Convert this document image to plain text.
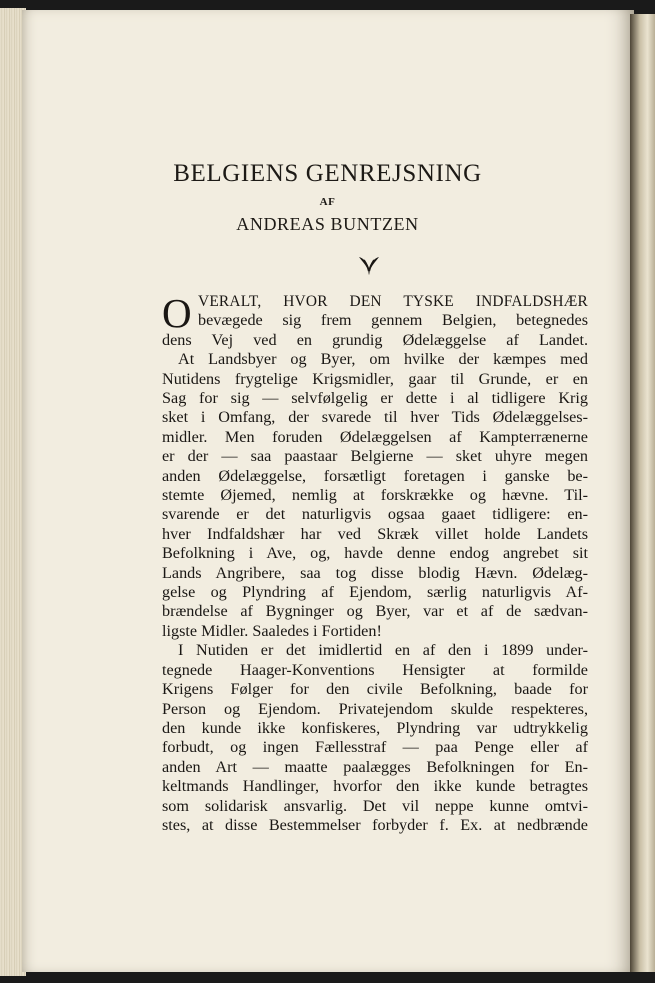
BELGIENS GENREJSNING
AF
ANDREAS BUNTZEN
O VERALT, HVOR DEN TYSKE INDFALDSHÆR
bevægede sig frem gennem Belgien, betegnedes
dens Vej ved en grundig Ødelæggelse af Landet.
At Landsbyer og Byer, om hvilke der kæmpes med
Nutidens frygtelige Krigsmidler, gaar til Grunde, er en
Sag for sig — selvfølgelig er dette i al tidligere Krig
sket i Omfang, der svarede til hver Tids Ødelæggelses-
midler. Men foruden Ødelæggelsen af Kampterrænerne
er der — saa paastaar Belgierne — sket uhyre megen
anden Ødelæggelse, forsætligt foretagen i ganske be-
stemte Øjemed, nemlig at forskrække og hævne. Til-
svarende er det naturligvis ogsaa gaaet tidligere: en-
hver Indfaldshær har ved Skræk villet holde Landets
Befolkning i Ave, og, havde denne endog angrebet sit
Lands Angribere, saa tog disse blodig Hævn. Ødelæg-
gelse og Plyndring af Ejendom, særlig naturligvis Af-
brændelse af Bygninger og Byer, var et af de sædvan-
ligste Midler. Saaledes i Fortiden!
I Nutiden er det imidlertid en af den i 1899 under-
tegnede Haager-Konventions Hensigter at formilde
Krigens Følger for den civile Befolkning, baade for
Person og Ejendom. Privatejendom skulde respekteres,
den kunde ikke konfiskeres, Plyndring var udtrykkelig
forbudt, og ingen Fællesstraf — paa Penge eller af
anden Art — maatte paalægges Befolkningen for En-
keltmands Handlinger, hvorfor den ikke kunde betragtes
som solidarisk ansvarlig. Det vil neppe kunne omtvi-
stes, at disse Bestemmelser forbyder f. Ex. at nedbrænde
